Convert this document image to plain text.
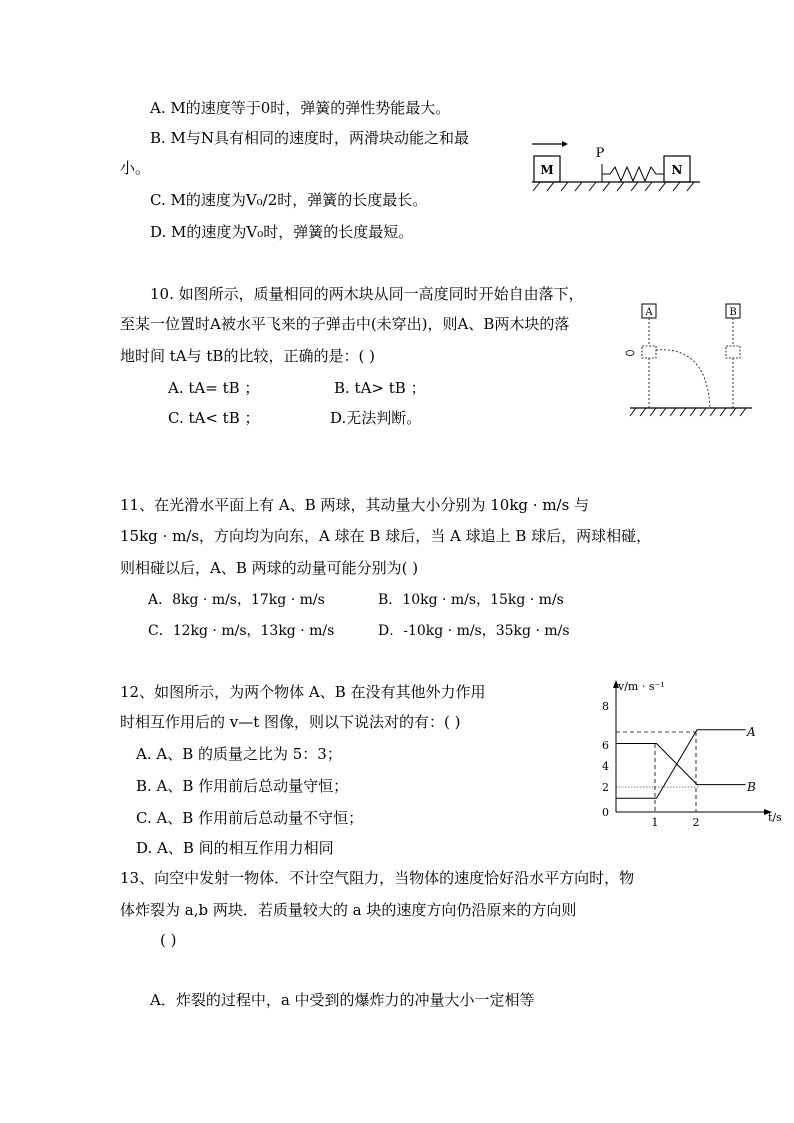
A. M的速度等于0时，弹簧的弹性势能最大。
B. M与N具有相同的速度时，两滑块动能之和最
小。
C. M的速度为V₀/2时，弹簧的长度最长。
D. M的速度为V₀时，弹簧的长度最短。
M
P
N
10. 如图所示，质量相同的两木块从同一高度同时开始自由落下，
至某一位置时A被水平飞来的子弹击中(未穿出)，则A、B两木块的落
地时间 tA与 tB的比较，正确的是：( )
A. tA= tB ；	B. tA> tB ；
C. tA< tB ；	D.无法判断。
A	B
11、在光滑水平面上有 A、B 两球，其动量大小分别为 10kg · m/s 与
15kg · m/s，方向均为向东，A 球在 B 球后，当 A 球追上 B 球后，两球相碰，
则相碰以后，A、B 两球的动量可能分别为( )
A．8kg · m/s，17kg · m/s	B．10kg · m/s，15kg · m/s
C．12kg · m/s，13kg · m/s	D．-10kg · m/s，35kg · m/s
12、如图所示，为两个物体 A、B 在没有其他外力作用
时相互作用后的 v—t 图像，则以下说法对的有：( )
A. A、B 的质量之比为 5：3；
B. A、B 作用前后总动量守恒；
C. A、B 作用前后总动量不守恒；
D. A、B 间的相互作用力相同
v/m · s⁻¹
t/s
0
1	2
2
4
6
8
A
B
13、向空中发射一物体．不计空气阻力，当物体的速度恰好沿水平方向时，物
体炸裂为 a,b 两块．若质量较大的 a 块的速度方向仍沿原来的方向则
( )
A．炸裂的过程中，a 中受到的爆炸力的冲量大小一定相等
